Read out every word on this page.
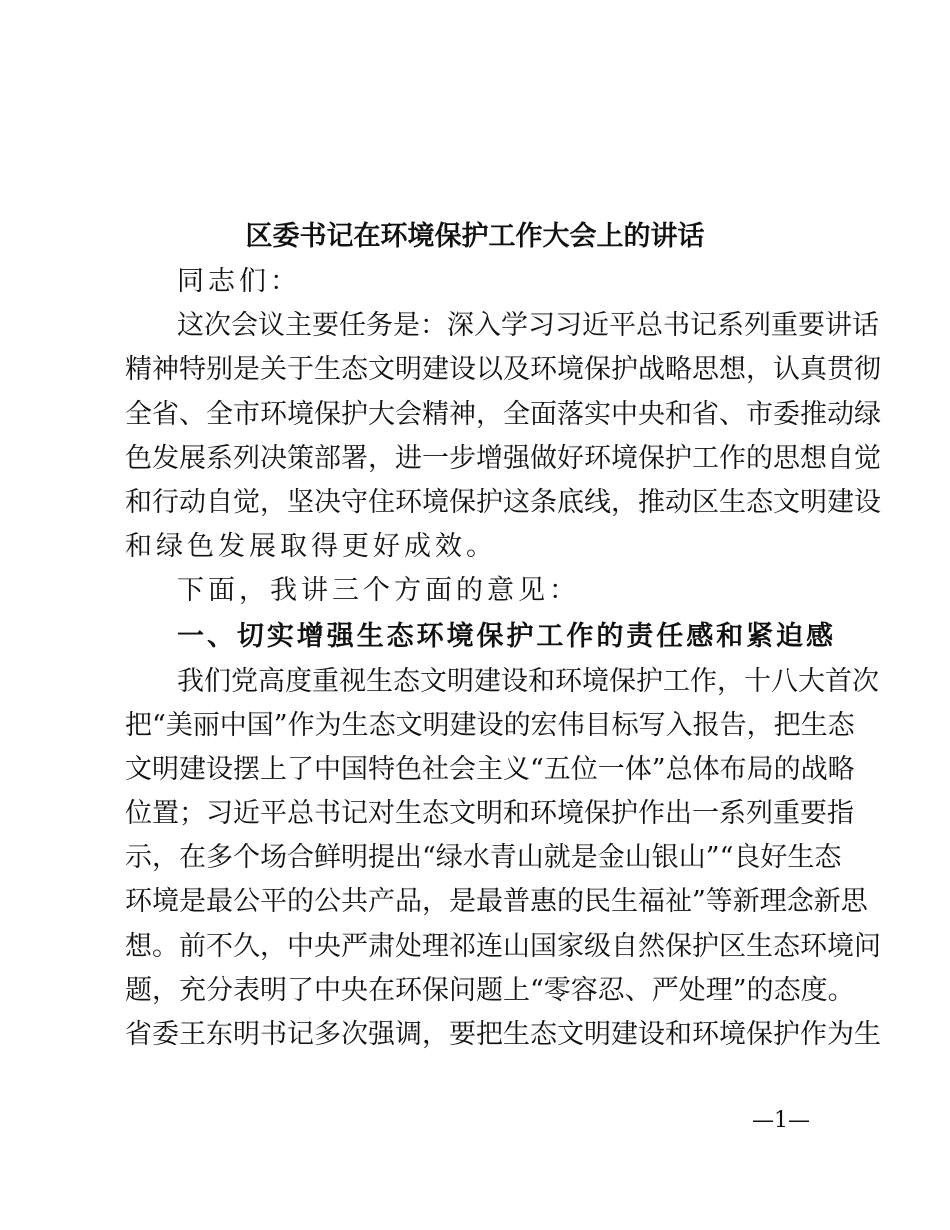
区委书记在环境保护工作大会上的讲话
同志们：
这次会议主要任务是：深入学习习近平总书记系列重要讲话
精神特别是关于生态文明建设以及环境保护战略思想，认真贯彻
全省、全市环境保护大会精神，全面落实中央和省、市委推动绿
色发展系列决策部署，进一步增强做好环境保护工作的思想自觉
和行动自觉，坚决守住环境保护这条底线，推动区生态文明建设
和绿色发展取得更好成效。
下面，我讲三个方面的意见：
一、切实增强生态环境保护工作的责任感和紧迫感
我们党高度重视生态文明建设和环境保护工作，十八大首次
把“美丽中国”作为生态文明建设的宏伟目标写入报告，把生态
文明建设摆上了中国特色社会主义“五位一体”总体布局的战略
位置；习近平总书记对生态文明和环境保护作出一系列重要指
示，在多个场合鲜明提出“绿水青山就是金山银山”“良好生态
环境是最公平的公共产品，是最普惠的民生福祉”等新理念新思
想。前不久，中央严肃处理祁连山国家级自然保护区生态环境问
题，充分表明了中央在环保问题上“零容忍、严处理”的态度。
省委王东明书记多次强调，要把生态文明建设和环境保护作为生
—1—
